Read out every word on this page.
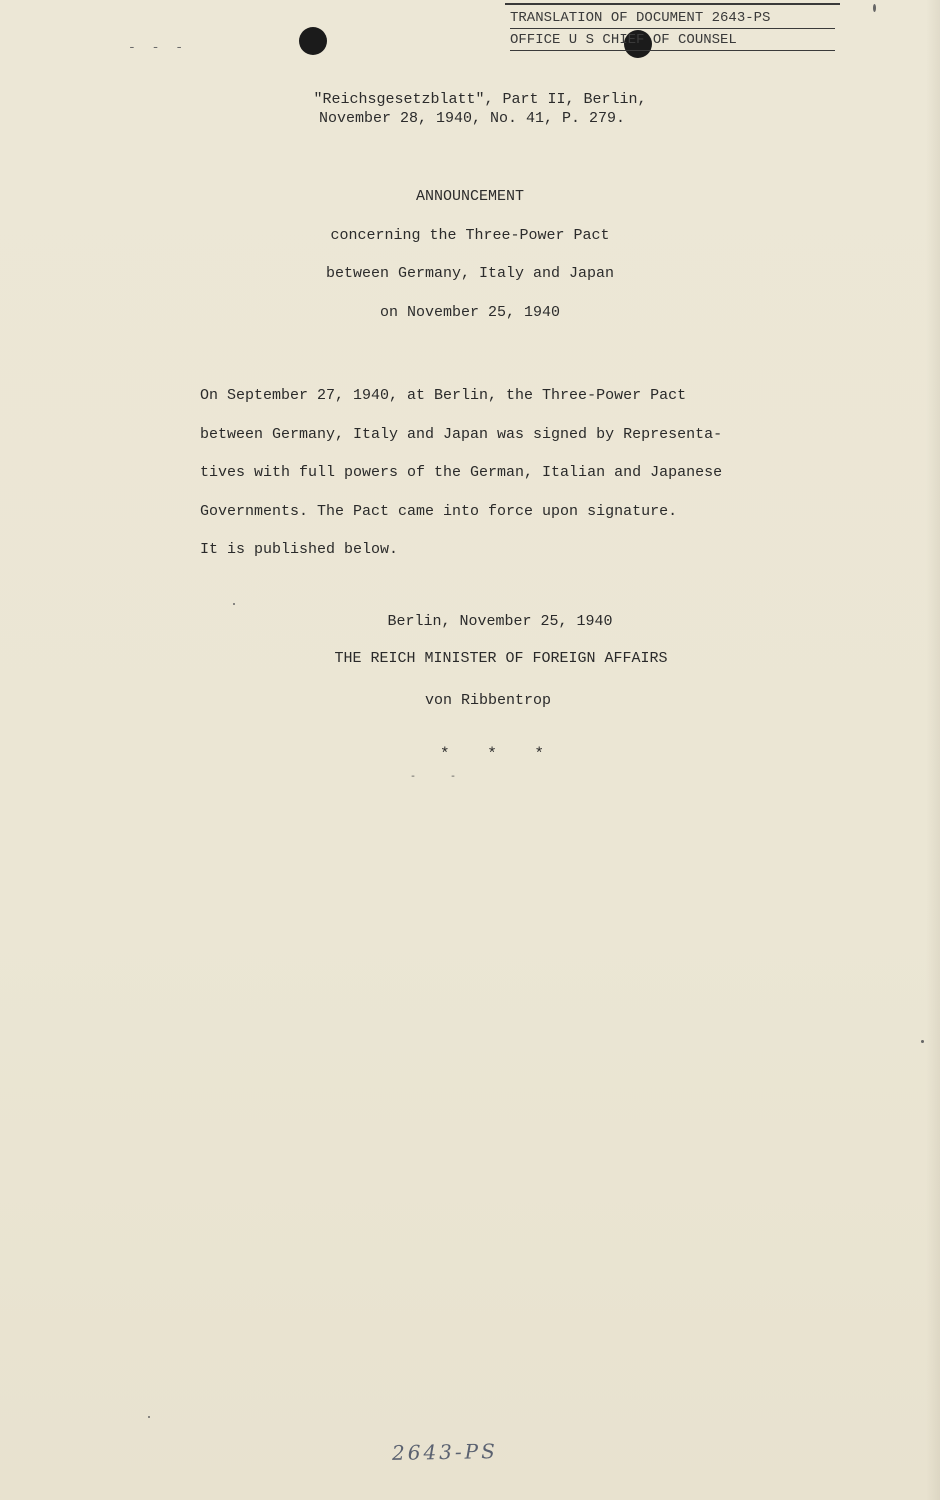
- - -
TRANSLATION OF DOCUMENT 2643-PS
OFFICE U S CHIEF OF COUNSEL
"Reichsgesetzblatt", Part II, Berlin,
November 28, 1940, No. 41, P. 279.
ANNOUNCEMENT
concerning the Three-Power Pact
between Germany, Italy and Japan
on November 25, 1940
On September 27, 1940, at Berlin, the Three-Power Pact
between Germany, Italy and Japan was signed by Representa-
tives with full powers of the German, Italian and Japanese
Governments. The Pact came into force upon signature.
It is published below.
Berlin, November 25, 1940
THE REICH MINISTER OF FOREIGN AFFAIRS
von Ribbentrop
* * *
- -
2643-PS
